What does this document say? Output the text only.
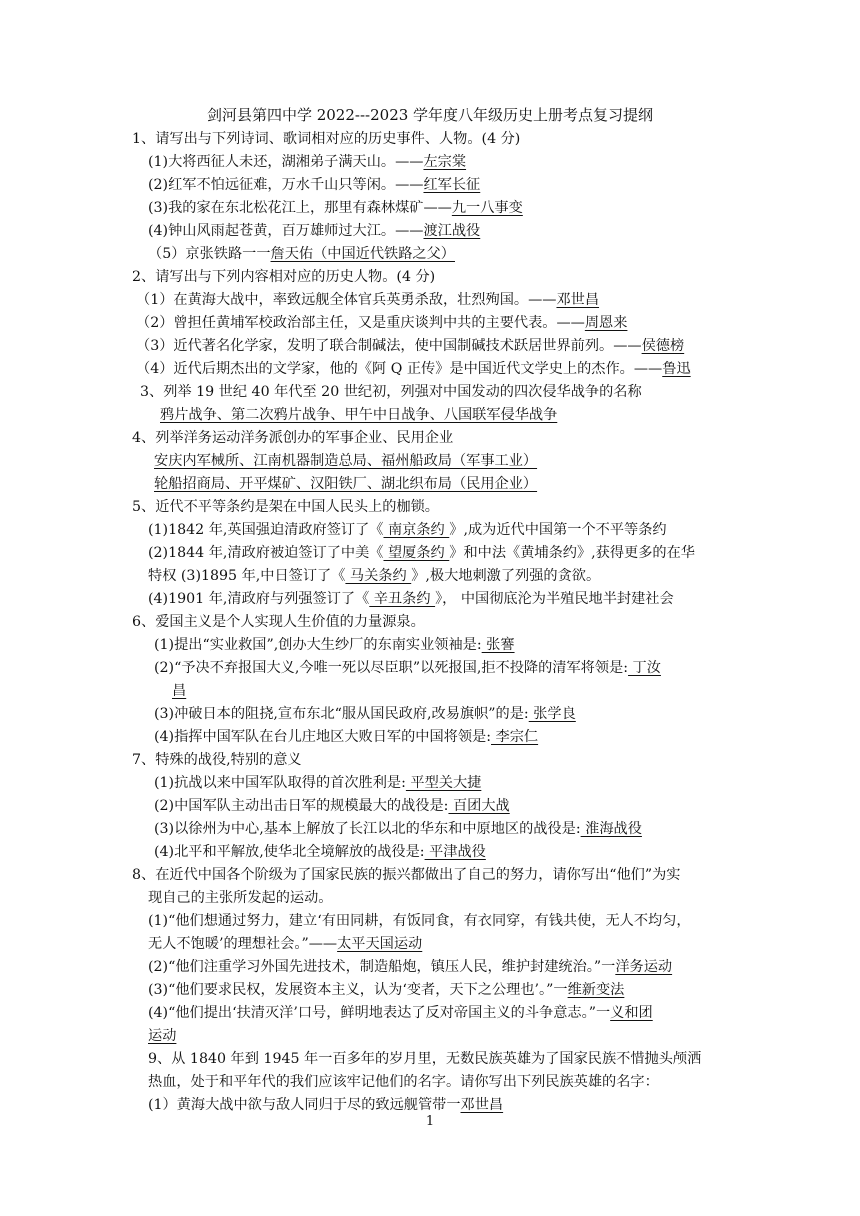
剑河县第四中学 2022---2023 学年度八年级历史上册考点复习提纲
1、请写出与下列诗词、歌词相对应的历史事件、人物。(4 分)
(1)大将西征人未还，湖湘弟子满天山。——左宗棠
(2)红军不怕远征难，万水千山只等闲。——红军长征
(3)我的家在东北松花江上，那里有森林煤矿——九一八事变
(4)钟山风雨起苍黄，百万雄师过大江。——渡江战役
（5）京张铁路一一詹天佑（中国近代铁路之父）
2、请写出与下列内容相对应的历史人物。(4 分)
（1）在黄海大战中，率致远舰全体官兵英勇杀敌，壮烈殉国。——邓世昌
（2）曾担任黄埔军校政治部主任，又是重庆谈判中共的主要代表。——周恩来
（3）近代著名化学家，发明了联合制碱法，使中国制碱技术跃居世界前列。——侯德榜
（4）近代后期杰出的文学家，他的《阿 Q 正传》是中国近代文学史上的杰作。——鲁迅
3、列举 19 世纪 40 年代至 20 世纪初，列强对中国发动的四次侵华战争的名称
鸦片战争、第二次鸦片战争、甲午中日战争、八国联军侵华战争
4、列举洋务运动洋务派创办的军事企业、民用企业
安庆内军械所、江南机器制造总局、福州船政局（军事工业）
轮船招商局、开平煤矿、汉阳铁厂、湖北织布局（民用企业）
5、近代不平等条约是架在中国人民头上的枷锁。
(1)1842 年,英国强迫清政府签订了《 南京条约 》,成为近代中国第一个不平等条约
(2)1844 年,清政府被迫签订了中美《 望厦条约 》和中法《黄埔条约》,获得更多的在华
特权 (3)1895 年,中日签订了《 马关条约 》,极大地刺激了列强的贪欲。
(4)1901 年,清政府与列强签订了《 辛丑条约 》， 中国彻底沦为半殖民地半封建社会
6、爱国主义是个人实现人生价值的力量源泉。
(1)提出“实业救国”,创办大生纱厂的东南实业领袖是: 张謇
(2)“予决不弃报国大义,今唯一死以尽臣职”以死报国,拒不投降的清军将领是: 丁汝
昌
(3)冲破日本的阻挠,宣布东北“服从国民政府,改易旗帜”的是: 张学良
(4)指挥中国军队在台儿庄地区大败日军的中国将领是: 李宗仁
7、特殊的战役,特别的意义
(1)抗战以来中国军队取得的首次胜利是: 平型关大捷
(2)中国军队主动出击日军的规模最大的战役是: 百团大战
(3)以徐州为中心,基本上解放了长江以北的华东和中原地区的战役是: 淮海战役
(4)北平和平解放,使华北全境解放的战役是: 平津战役
8、在近代中国各个阶级为了国家民族的振兴都做出了自己的努力，请你写出“他们”为实
现自己的主张所发起的运动。
(1)“他们想通过努力，建立‘有田同耕，有饭同食，有衣同穿，有钱共使，无人不均匀，
无人不饱暖’的理想社会。”——太平天国运动
(2)“他们注重学习外国先进技术，制造船炮，镇压人民，维护封建统治。”一洋务运动
(3)“他们要求民权，发展资本主义，认为‘变者，天下之公理也’。”一维新变法
(4)“他们提出‘扶清灭洋’口号，鲜明地表达了反对帝国主义的斗争意志。”一义和团
运动
9、从 1840 年到 1945 年一百多年的岁月里，无数民族英雄为了国家民族不惜抛头颅洒
热血，处于和平年代的我们应该牢记他们的名字。请你写出下列民族英雄的名字：
(1）黄海大战中欲与敌人同归于尽的致远舰管带一邓世昌
1
